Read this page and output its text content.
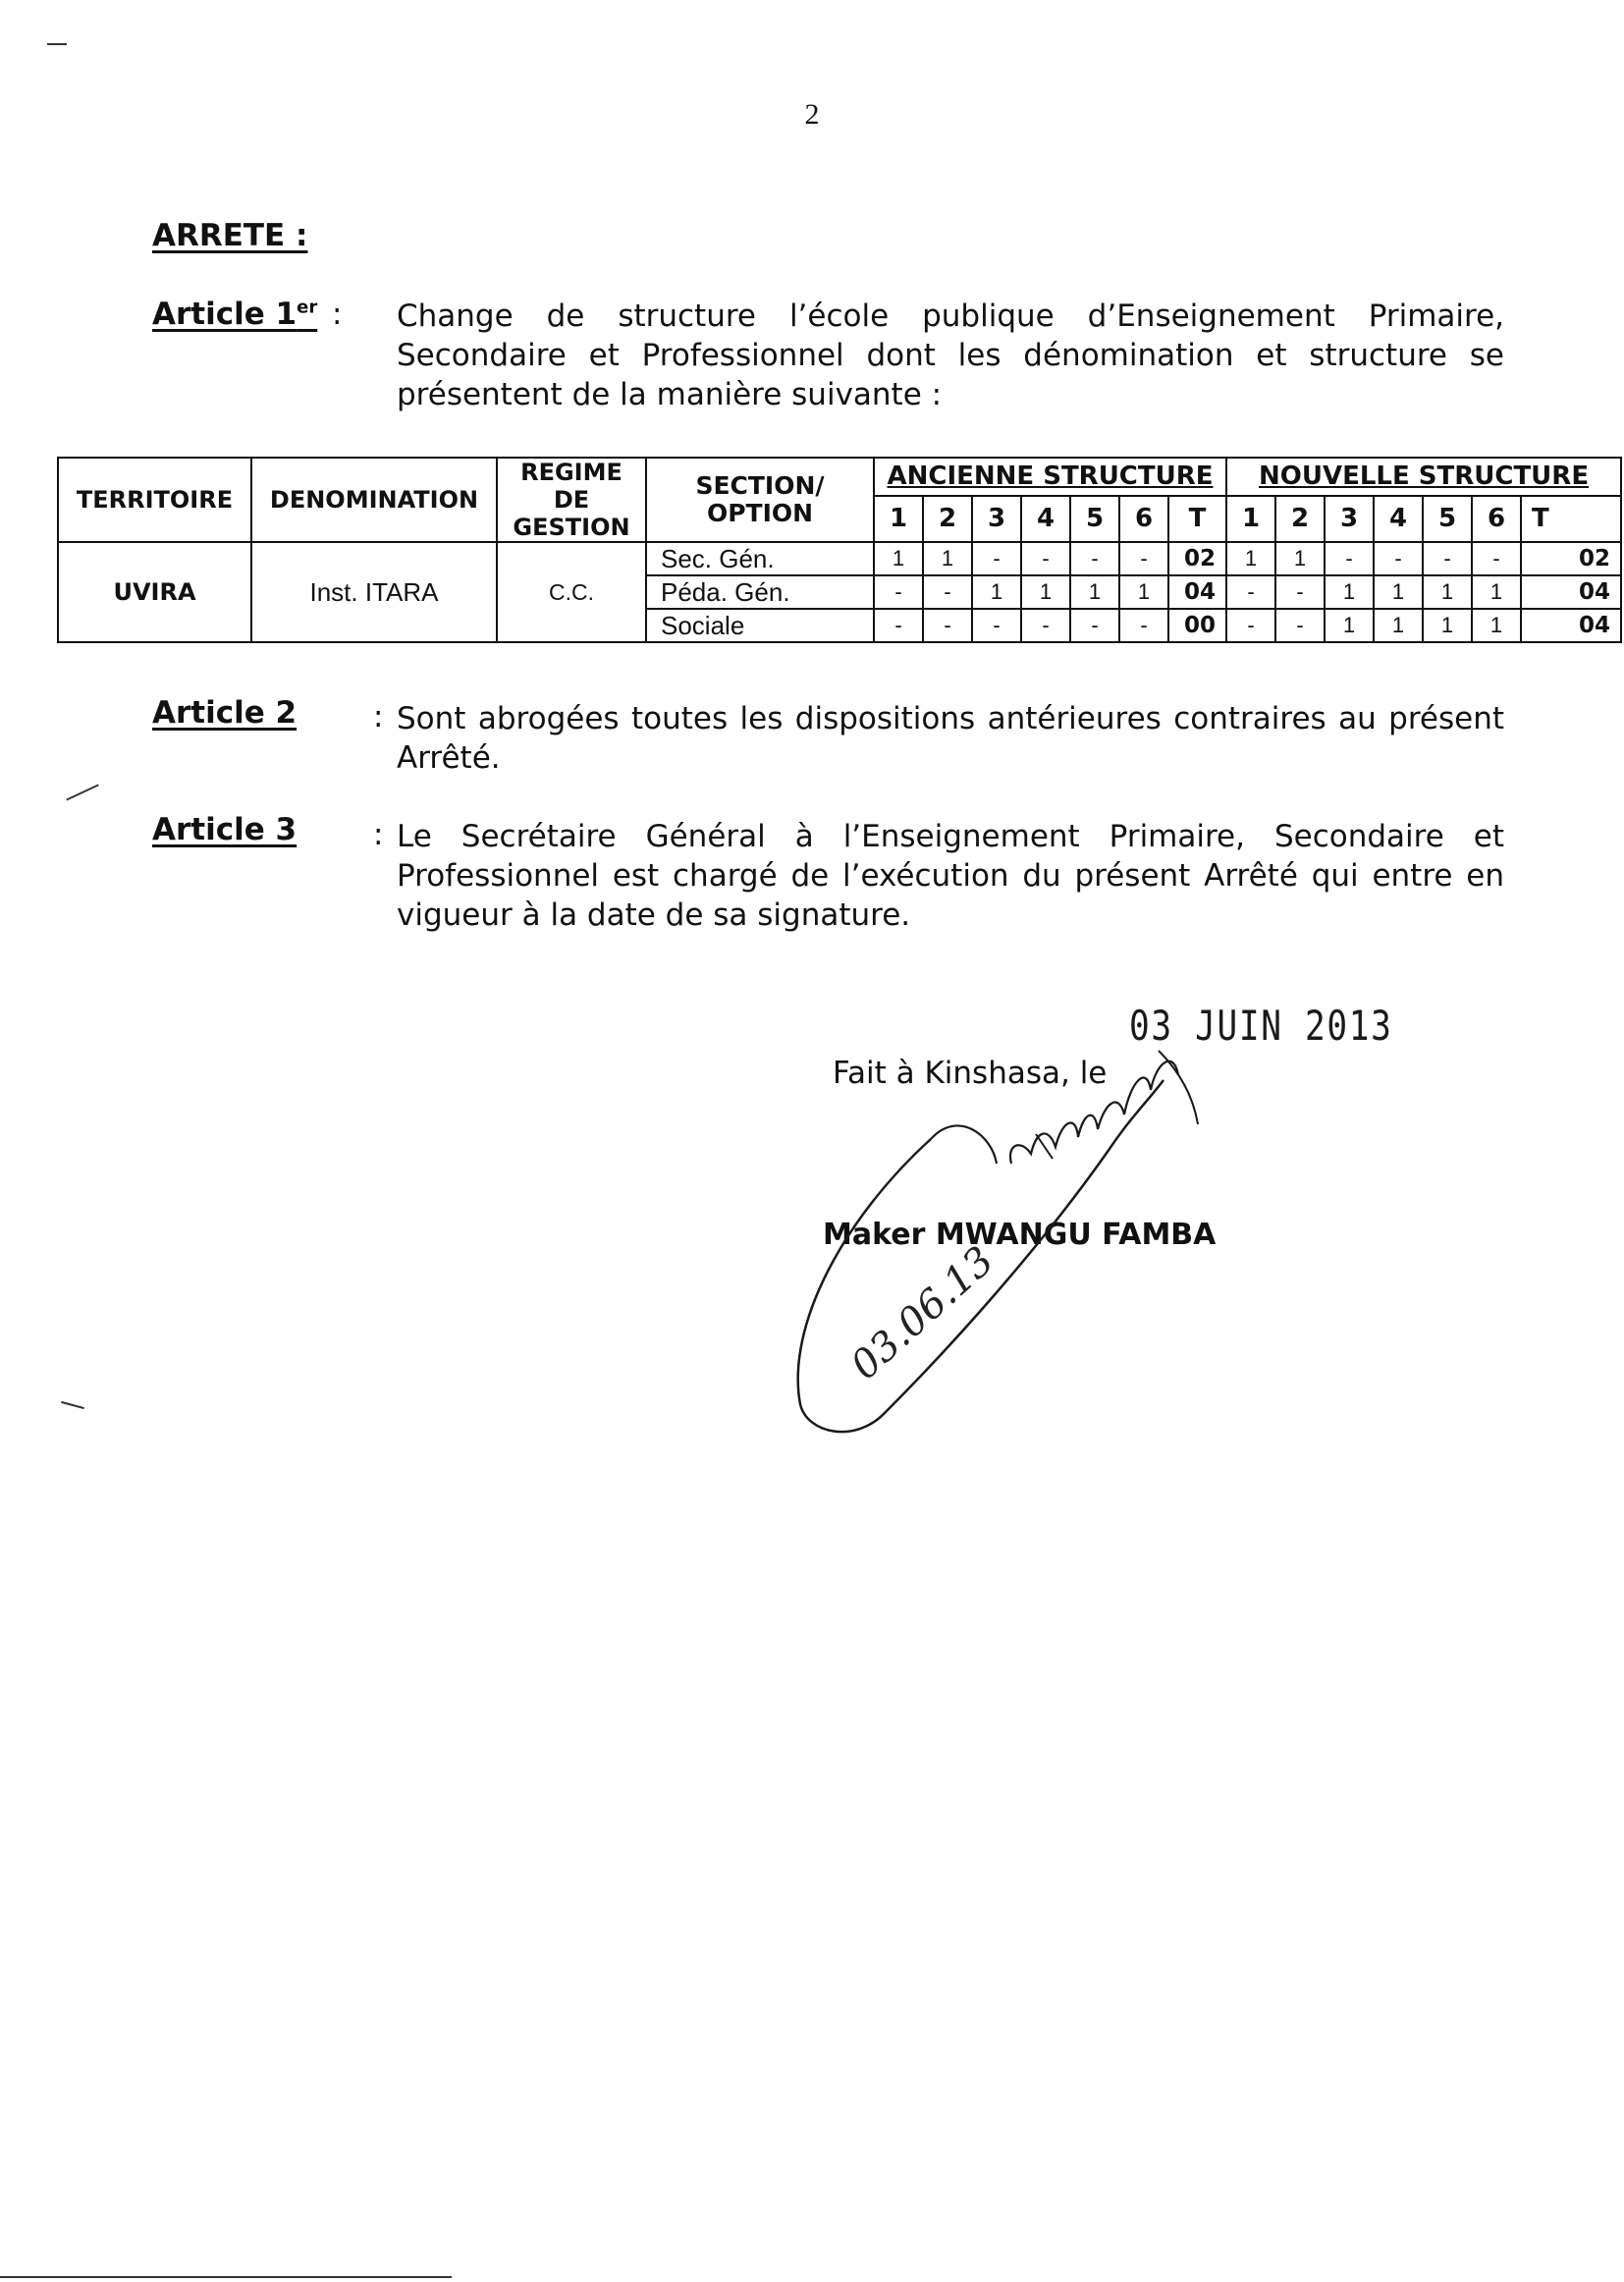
2
ARRETE :
Article 1er : Change de structure l’école publique d’Enseignement Primaire, Secondaire et Professionnel dont les dénomination et structure se présentent de la manière suivante :
TERRITOIRE	DENOMINATION	REGIME DE GESTION	SECTION/ OPTION	ANCIENNE STRUCTURE							NOUVELLE STRUCTURE						
				1	2	3	4	5	6	T	1	2	3	4	5	6	T
UVIRA	Inst. ITARA	C.C.	Sec. Gén.	1	1	-	-	-	-	02	1	1	-	-	-	-	02
			Péda. Gén.	-	-	1	1	1	1	04	-	-	1	1	1	1	04
			Sociale	-	-	-	-	-	-	00	-	-	1	1	1	1	04
Article 2	: Sont abrogées toutes les dispositions antérieures contraires au présent Arrêté.
Article 3	: Le Secrétaire Général à l’Enseignement Primaire, Secondaire et Professionnel est chargé de l’exécution du présent Arrêté qui entre en vigueur à la date de sa signature.
Fait à Kinshasa, le
03 JUIN 2013
Maker MWANGU FAMBA
03.06.13
